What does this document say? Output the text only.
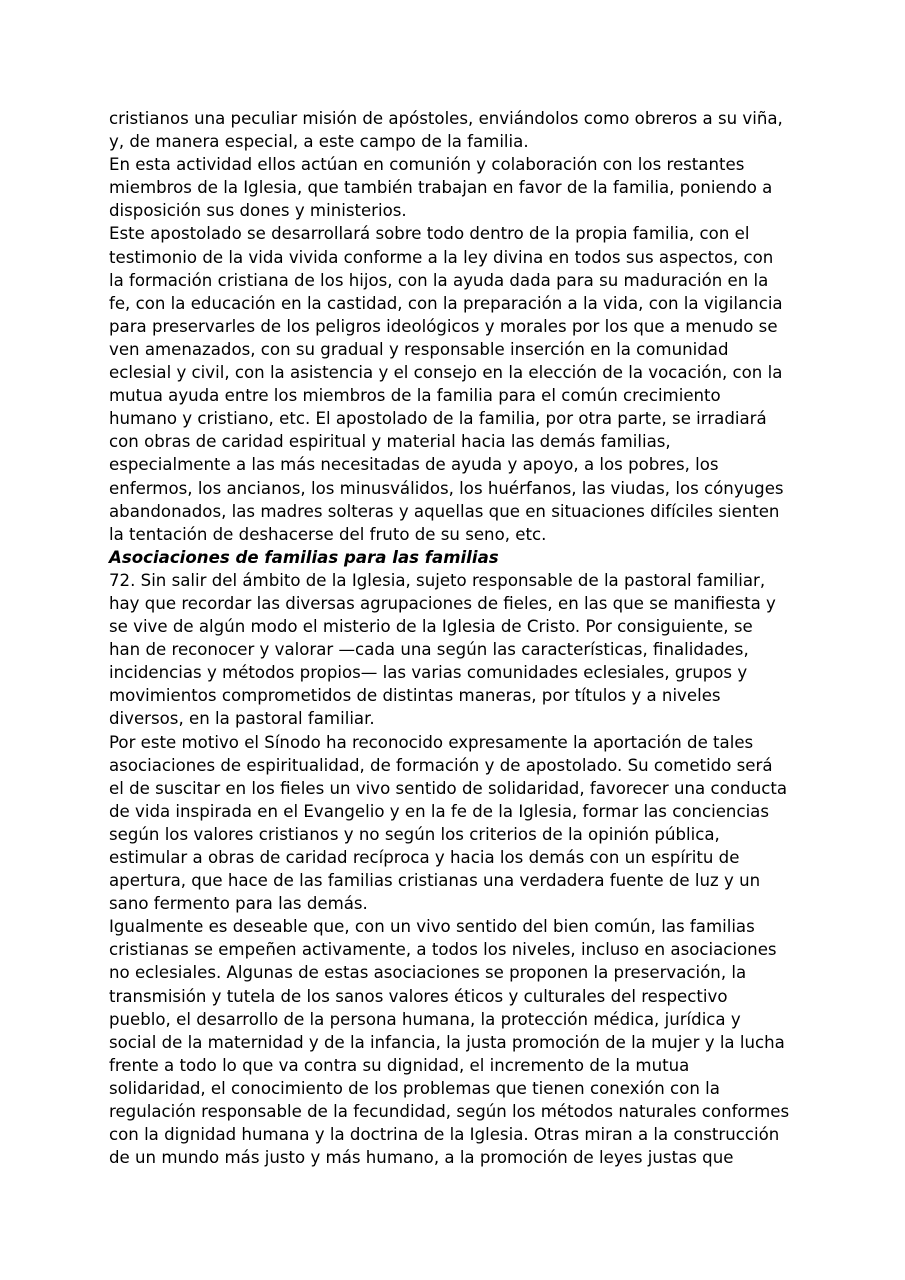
cristianos una peculiar misión de apóstoles, enviándolos como obreros a su viña,
y, de manera especial, a este campo de la familia.
En esta actividad ellos actúan en comunión y colaboración con los restantes
miembros de la Iglesia, que también trabajan en favor de la familia, poniendo a
disposición sus dones y ministerios.
Este apostolado se desarrollará sobre todo dentro de la propia familia, con el
testimonio de la vida vivida conforme a la ley divina en todos sus aspectos, con
la formación cristiana de los hijos, con la ayuda dada para su maduración en la
fe, con la educación en la castidad, con la preparación a la vida, con la vigilancia
para preservarles de los peligros ideológicos y morales por los que a menudo se
ven amenazados, con su gradual y responsable inserción en la comunidad
eclesial y civil, con la asistencia y el consejo en la elección de la vocación, con la
mutua ayuda entre los miembros de la familia para el común crecimiento
humano y cristiano, etc. El apostolado de la familia, por otra parte, se irradiará
con obras de caridad espiritual y material hacia las demás familias,
especialmente a las más necesitadas de ayuda y apoyo, a los pobres, los
enfermos, los ancianos, los minusválidos, los huérfanos, las viudas, los cónyuges
abandonados, las madres solteras y aquellas que en situaciones difíciles sienten
la tentación de deshacerse del fruto de su seno, etc.
Asociaciones de familias para las familias
72. Sin salir del ámbito de la Iglesia, sujeto responsable de la pastoral familiar,
hay que recordar las diversas agrupaciones de fieles, en las que se manifiesta y
se vive de algún modo el misterio de la Iglesia de Cristo. Por consiguiente, se
han de reconocer y valorar —cada una según las características, finalidades,
incidencias y métodos propios— las varias comunidades eclesiales, grupos y
movimientos comprometidos de distintas maneras, por títulos y a niveles
diversos, en la pastoral familiar.
Por este motivo el Sínodo ha reconocido expresamente la aportación de tales
asociaciones de espiritualidad, de formación y de apostolado. Su cometido será
el de suscitar en los fieles un vivo sentido de solidaridad, favorecer una conducta
de vida inspirada en el Evangelio y en la fe de la Iglesia, formar las conciencias
según los valores cristianos y no según los criterios de la opinión pública,
estimular a obras de caridad recíproca y hacia los demás con un espíritu de
apertura, que hace de las familias cristianas una verdadera fuente de luz y un
sano fermento para las demás.
Igualmente es deseable que, con un vivo sentido del bien común, las familias
cristianas se empeñen activamente, a todos los niveles, incluso en asociaciones
no eclesiales. Algunas de estas asociaciones se proponen la preservación, la
transmisión y tutela de los sanos valores éticos y culturales del respectivo
pueblo, el desarrollo de la persona humana, la protección médica, jurídica y
social de la maternidad y de la infancia, la justa promoción de la mujer y la lucha
frente a todo lo que va contra su dignidad, el incremento de la mutua
solidaridad, el conocimiento de los problemas que tienen conexión con la
regulación responsable de la fecundidad, según los métodos naturales conformes
con la dignidad humana y la doctrina de la Iglesia. Otras miran a la construcción
de un mundo más justo y más humano, a la promoción de leyes justas que
